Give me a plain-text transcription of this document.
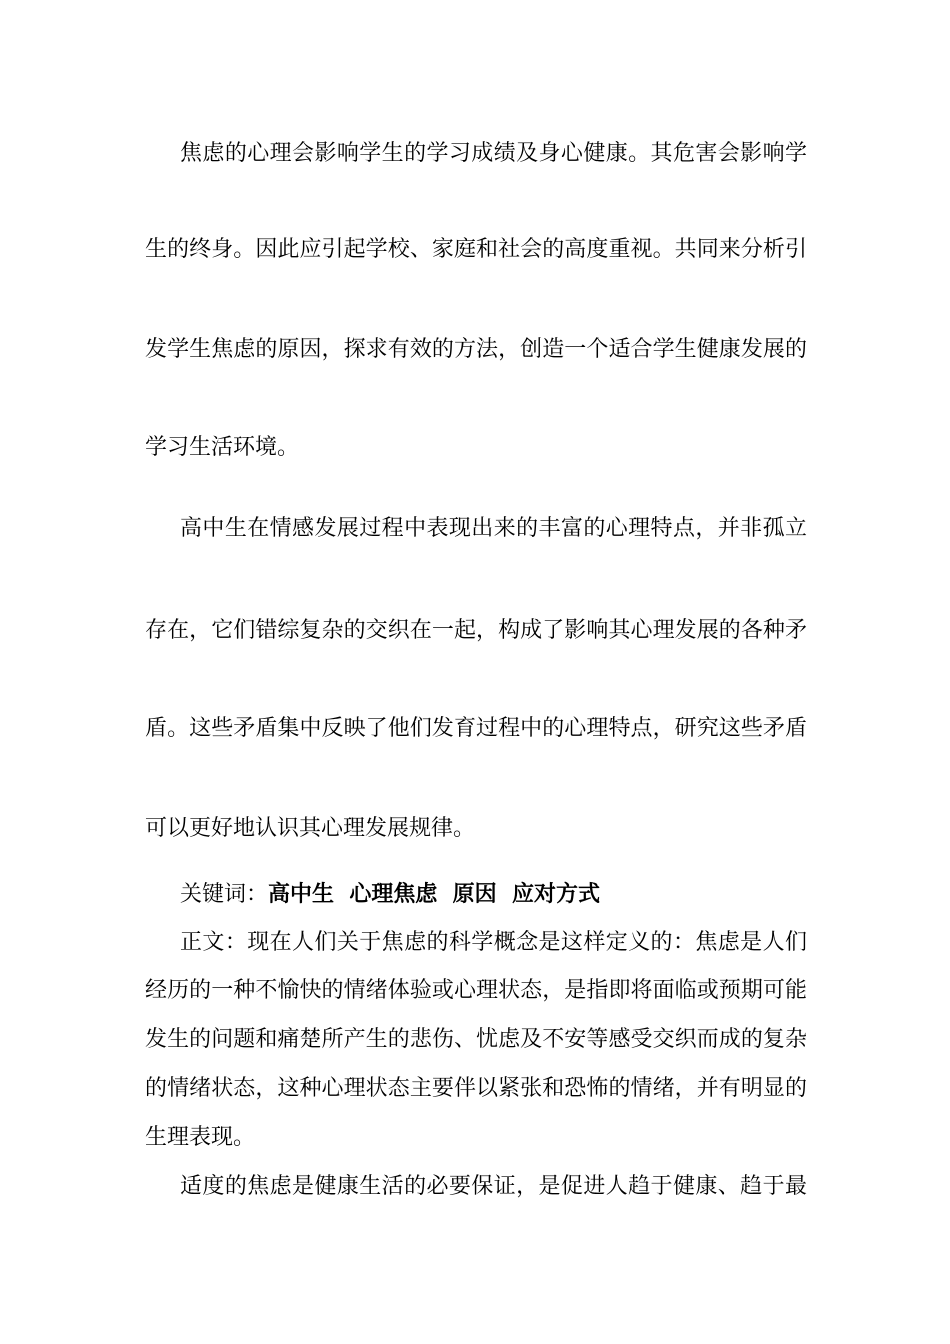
焦虑的心理会影响学生的学习成绩及身心健康。其危害会影响学
生的终身。因此应引起学校、家庭和社会的高度重视。共同来分析引
发学生焦虑的原因，探求有效的方法，创造一个适合学生健康发展的
学习生活环境。
高中生在情感发展过程中表现出来的丰富的心理特点，并非孤立
存在，它们错综复杂的交织在一起，构成了影响其心理发展的各种矛
盾。这些矛盾集中反映了他们发育过程中的心理特点，研究这些矛盾
可以更好地认识其心理发展规律。
关键词：高中生  心理焦虑  原因  应对方式
正文：现在人们关于焦虑的科学概念是这样定义的：焦虑是人们
经历的一种不愉快的情绪体验或心理状态，是指即将面临或预期可能
发生的问题和痛楚所产生的悲伤、忧虑及不安等感受交织而成的复杂
的情绪状态，这种心理状态主要伴以紧张和恐怖的情绪，并有明显的
生理表现。
适度的焦虑是健康生活的必要保证，是促进人趋于健康、趋于最
